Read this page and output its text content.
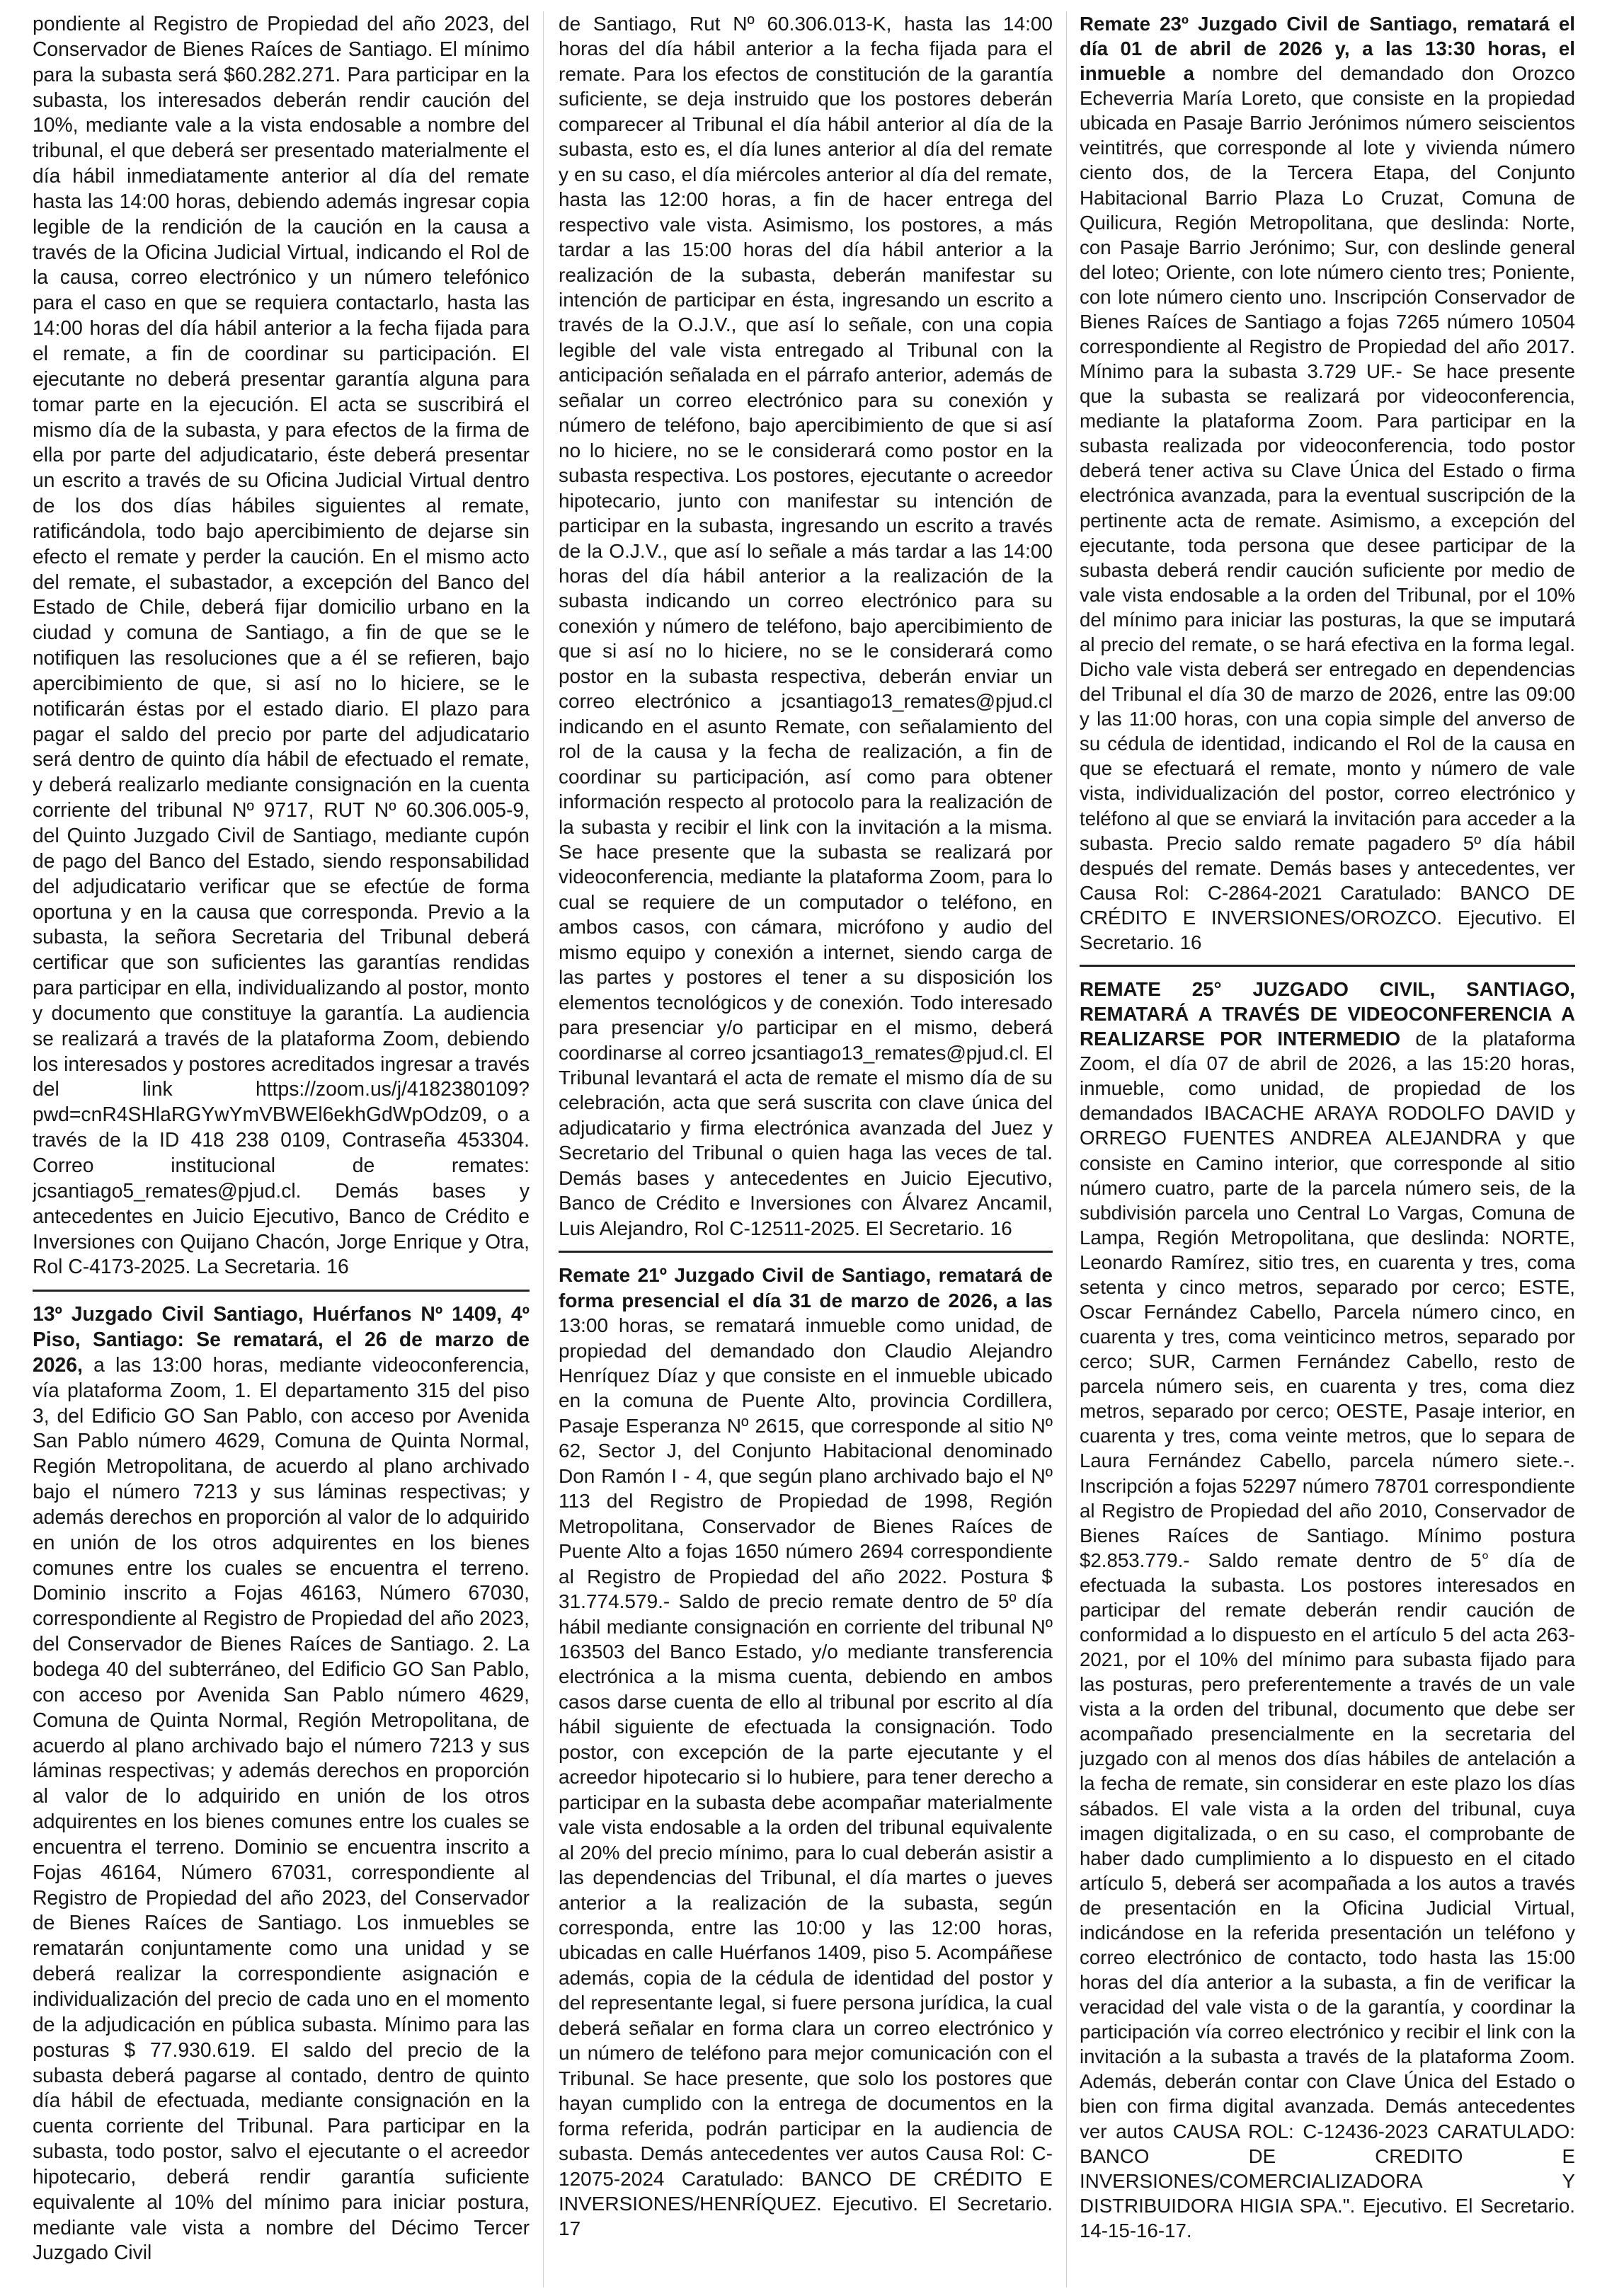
pondiente al Registro de Propiedad del año 2023, del Conservador de Bienes Raíces de Santiago. El mínimo para la subasta será $60.282.271. Para participar en la subasta, los interesados deberán rendir caución del 10%, mediante vale a la vista endosable a nombre del tribunal, el que deberá ser presentado materialmente el día hábil inmediatamente anterior al día del remate hasta las 14:00 horas, debiendo además ingresar copia legible de la rendición de la caución en la causa a través de la Oficina Judicial Virtual, indicando el Rol de la causa, correo electrónico y un número telefónico para el caso en que se requiera contactarlo, hasta las 14:00 horas del día hábil anterior a la fecha fijada para el remate, a fin de coordinar su participación. El ejecutante no deberá presentar garantía alguna para tomar parte en la ejecución. El acta se suscribirá el mismo día de la subasta, y para efectos de la firma de ella por parte del adjudicatario, éste deberá presentar un escrito a través de su Oficina Judicial Virtual dentro de los dos días hábiles siguientes al remate, ratificándola, todo bajo apercibimiento de dejarse sin efecto el remate y perder la caución. En el mismo acto del remate, el subastador, a excepción del Banco del Estado de Chile, deberá fijar domicilio urbano en la ciudad y comuna de Santiago, a fin de que se le notifiquen las resoluciones que a él se refieren, bajo apercibimiento de que, si así no lo hiciere, se le notificarán éstas por el estado diario. El plazo para pagar el saldo del precio por parte del adjudicatario será dentro de quinto día hábil de efectuado el remate, y deberá realizarlo mediante consignación en la cuenta corriente del tribunal Nº 9717, RUT Nº 60.306.005-9, del Quinto Juzgado Civil de Santiago, mediante cupón de pago del Banco del Estado, siendo responsabilidad del adjudicatario verificar que se efectúe de forma oportuna y en la causa que corresponda. Previo a la subasta, la señora Secretaria del Tribunal deberá certificar que son suficientes las garantías rendidas para participar en ella, individualizando al postor, monto y documento que constituye la garantía. La audiencia se realizará a través de la plataforma Zoom, debiendo los interesados y postores acreditados ingresar a través del link https://zoom.us/j/4182380109?pwd=cnR4SHlaRGYwYmVBWEl6ekhGdWpOdz09, o a través de la ID 418 238 0109, Contraseña 453304. Correo institucional de remates: jcsantiago5_remates@pjud.cl. Demás bases y antecedentes en Juicio Ejecutivo, Banco de Crédito e Inversiones con Quijano Chacón, Jorge Enrique y Otra, Rol C-4173-2025. La Secretaria. 16

13º Juzgado Civil Santiago, Huérfanos Nº 1409, 4º Piso, Santiago: Se rematará, el 26 de marzo de 2026, a las 13:00 horas, mediante videoconferencia, vía plataforma Zoom, 1. El departamento 315 del piso 3, del Edificio GO San Pablo, con acceso por Avenida San Pablo número 4629, Comuna de Quinta Normal, Región Metropolitana, de acuerdo al plano archivado bajo el número 7213 y sus láminas respectivas; y además derechos en proporción al valor de lo adquirido en unión de los otros adquirentes en los bienes comunes entre los cuales se encuentra el terreno. Dominio inscrito a Fojas 46163, Número 67030, correspondiente al Registro de Propiedad del año 2023, del Conservador de Bienes Raíces de Santiago. 2. La bodega 40 del subterráneo, del Edificio GO San Pablo, con acceso por Avenida San Pablo número 4629, Comuna de Quinta Normal, Región Metropolitana, de acuerdo al plano archivado bajo el número 7213 y sus láminas respectivas; y además derechos en proporción al valor de lo adquirido en unión de los otros adquirentes en los bienes comunes entre los cuales se encuentra el terreno. Dominio se encuentra inscrito a Fojas 46164, Número 67031, correspondiente al Registro de Propiedad del año 2023, del Conservador de Bienes Raíces de Santiago. Los inmuebles se rematarán conjuntamente como una unidad y se deberá realizar la correspondiente asignación e individualización del precio de cada uno en el momento de la adjudicación en pública subasta. Mínimo para las posturas $ 77.930.619. El saldo del precio de la subasta deberá pagarse al contado, dentro de quinto día hábil de efectuada, mediante consignación en la cuenta corriente del Tribunal. Para participar en la subasta, todo postor, salvo el ejecutante o el acreedor hipotecario, deberá rendir garantía suficiente equivalente al 10% del mínimo para iniciar postura, mediante vale vista a nombre del Décimo Tercer Juzgado Civil

de Santiago, Rut Nº 60.306.013-K, hasta las 14:00 horas del día hábil anterior a la fecha fijada para el remate. Para los efectos de constitución de la garantía suficiente, se deja instruido que los postores deberán comparecer al Tribunal el día hábil anterior al día de la subasta, esto es, el día lunes anterior al día del remate y en su caso, el día miércoles anterior al día del remate, hasta las 12:00 horas, a fin de hacer entrega del respectivo vale vista. Asimismo, los postores, a más tardar a las 15:00 horas del día hábil anterior a la realización de la subasta, deberán manifestar su intención de participar en ésta, ingresando un escrito a través de la O.J.V., que así lo señale, con una copia legible del vale vista entregado al Tribunal con la anticipación señalada en el párrafo anterior, además de señalar un correo electrónico para su conexión y número de teléfono, bajo apercibimiento de que si así no lo hiciere, no se le considerará como postor en la subasta respectiva. Los postores, ejecutante o acreedor hipotecario, junto con manifestar su intención de participar en la subasta, ingresando un escrito a través de la O.J.V., que así lo señale a más tardar a las 14:00 horas del día hábil anterior a la realización de la subasta indicando un correo electrónico para su conexión y número de teléfono, bajo apercibimiento de que si así no lo hiciere, no se le considerará como postor en la subasta respectiva, deberán enviar un correo electrónico a jcsantiago13_remates@pjud.cl indicando en el asunto Remate, con señalamiento del rol de la causa y la fecha de realización, a fin de coordinar su participación, así como para obtener información respecto al protocolo para la realización de la subasta y recibir el link con la invitación a la misma. Se hace presente que la subasta se realizará por videoconferencia, mediante la plataforma Zoom, para lo cual se requiere de un computador o teléfono, en ambos casos, con cámara, micrófono y audio del mismo equipo y conexión a internet, siendo carga de las partes y postores el tener a su disposición los elementos tecnológicos y de conexión. Todo interesado para presenciar y/o participar en el mismo, deberá coordinarse al correo jcsantiago13_remates@pjud.cl. El Tribunal levantará el acta de remate el mismo día de su celebración, acta que será suscrita con clave única del adjudicatario y firma electrónica avanzada del Juez y Secretario del Tribunal o quien haga las veces de tal. Demás bases y antecedentes en Juicio Ejecutivo, Banco de Crédito e Inversiones con Álvarez Ancamil, Luis Alejandro, Rol C-12511-2025. El Secretario. 16

Remate 21º Juzgado Civil de Santiago, rematará de forma presencial el día 31 de marzo de 2026, a las 13:00 horas, se rematará inmueble como unidad, de propiedad del demandado don Claudio Alejandro Henríquez Díaz y que consiste en el inmueble ubicado en la comuna de Puente Alto, provincia Cordillera, Pasaje Esperanza Nº 2615, que corresponde al sitio Nº 62, Sector J, del Conjunto Habitacional denominado Don Ramón I - 4, que según plano archivado bajo el Nº 113 del Registro de Propiedad de 1998, Región Metropolitana, Conservador de Bienes Raíces de Puente Alto a fojas 1650 número 2694 correspondiente al Registro de Propiedad del año 2022. Postura $ 31.774.579.- Saldo de precio remate dentro de 5º día hábil mediante consignación en corriente del tribunal Nº 163503 del Banco Estado, y/o mediante transferencia electrónica a la misma cuenta, debiendo en ambos casos darse cuenta de ello al tribunal por escrito al día hábil siguiente de efectuada la consignación. Todo postor, con excepción de la parte ejecutante y el acreedor hipotecario si lo hubiere, para tener derecho a participar en la subasta debe acompañar materialmente vale vista endosable a la orden del tribunal equivalente al 20% del precio mínimo, para lo cual deberán asistir a las dependencias del Tribunal, el día martes o jueves anterior a la realización de la subasta, según corresponda, entre las 10:00 y las 12:00 horas, ubicadas en calle Huérfanos 1409, piso 5. Acompáñese además, copia de la cédula de identidad del postor y del representante legal, si fuere persona jurídica, la cual deberá señalar en forma clara un correo electrónico y un número de teléfono para mejor comunicación con el Tribunal. Se hace presente, que solo los postores que hayan cumplido con la entrega de documentos en la forma referida, podrán participar en la audiencia de subasta. Demás antecedentes ver autos Causa Rol: C-12075-2024 Caratulado: BANCO DE CRÉDITO E INVERSIONES/HENRÍQUEZ. Ejecutivo. El Secretario. 17

Remate 23º Juzgado Civil de Santiago, rematará el día 01 de abril de 2026 y, a las 13:30 horas, el inmueble a nombre del demandado don Orozco Echeverria María Loreto, que consiste en la propiedad ubicada en Pasaje Barrio Jerónimos número seiscientos veintitrés, que corresponde al lote y vivienda número ciento dos, de la Tercera Etapa, del Conjunto Habitacional Barrio Plaza Lo Cruzat, Comuna de Quilicura, Región Metropolitana, que deslinda: Norte, con Pasaje Barrio Jerónimo; Sur, con deslinde general del loteo; Oriente, con lote número ciento tres; Poniente, con lote número ciento uno. Inscripción Conservador de Bienes Raíces de Santiago a fojas 7265 número 10504 correspondiente al Registro de Propiedad del año 2017. Mínimo para la subasta 3.729 UF.- Se hace presente que la subasta se realizará por videoconferencia, mediante la plataforma Zoom. Para participar en la subasta realizada por videoconferencia, todo postor deberá tener activa su Clave Única del Estado o firma electrónica avanzada, para la eventual suscripción de la pertinente acta de remate. Asimismo, a excepción del ejecutante, toda persona que desee participar de la subasta deberá rendir caución suficiente por medio de vale vista endosable a la orden del Tribunal, por el 10% del mínimo para iniciar las posturas, la que se imputará al precio del remate, o se hará efectiva en la forma legal. Dicho vale vista deberá ser entregado en dependencias del Tribunal el día 30 de marzo de 2026, entre las 09:00 y las 11:00 horas, con una copia simple del anverso de su cédula de identidad, indicando el Rol de la causa en que se efectuará el remate, monto y número de vale vista, individualización del postor, correo electrónico y teléfono al que se enviará la invitación para acceder a la subasta. Precio saldo remate pagadero 5º día hábil después del remate. Demás bases y antecedentes, ver Causa Rol: C-2864-2021 Caratulado: BANCO DE CRÉDITO E INVERSIONES/OROZCO. Ejecutivo. El Secretario. 16

REMATE 25° JUZGADO CIVIL, SANTIAGO, REMATARÁ A TRAVÉS DE VIDEOCONFERENCIA A REALIZARSE POR INTERMEDIO de la plataforma Zoom, el día 07 de abril de 2026, a las 15:20 horas, inmueble, como unidad, de propiedad de los demandados IBACACHE ARAYA RODOLFO DAVID y ORREGO FUENTES ANDREA ALEJANDRA y que consiste en Camino interior, que corresponde al sitio número cuatro, parte de la parcela número seis, de la subdivisión parcela uno Central Lo Vargas, Comuna de Lampa, Región Metropolitana, que deslinda: NORTE, Leonardo Ramírez, sitio tres, en cuarenta y tres, coma setenta y cinco metros, separado por cerco; ESTE, Oscar Fernández Cabello, Parcela número cinco, en cuarenta y tres, coma veinticinco metros, separado por cerco; SUR, Carmen Fernández Cabello, resto de parcela número seis, en cuarenta y tres, coma diez metros, separado por cerco; OESTE, Pasaje interior, en cuarenta y tres, coma veinte metros, que lo separa de Laura Fernández Cabello, parcela número siete.-. Inscripción a fojas 52297 número 78701 correspondiente al Registro de Propiedad del año 2010, Conservador de Bienes Raíces de Santiago. Mínimo postura $2.853.779.- Saldo remate dentro de 5° día de efectuada la subasta. Los postores interesados en participar del remate deberán rendir caución de conformidad a lo dispuesto en el artículo 5 del acta 263-2021, por el 10% del mínimo para subasta fijado para las posturas, pero preferentemente a través de un vale vista a la orden del tribunal, documento que debe ser acompañado presencialmente en la secretaria del juzgado con al menos dos días hábiles de antelación a la fecha de remate, sin considerar en este plazo los días sábados. El vale vista a la orden del tribunal, cuya imagen digitalizada, o en su caso, el comprobante de haber dado cumplimiento a lo dispuesto en el citado artículo 5, deberá ser acompañada a los autos a través de presentación en la Oficina Judicial Virtual, indicándose en la referida presentación un teléfono y correo electrónico de contacto, todo hasta las 15:00 horas del día anterior a la subasta, a fin de verificar la veracidad del vale vista o de la garantía, y coordinar la participación vía correo electrónico y recibir el link con la invitación a la subasta a través de la plataforma Zoom. Además, deberán contar con Clave Única del Estado o bien con firma digital avanzada. Demás antecedentes ver autos CAUSA ROL: C-12436-2023 CARATULADO: BANCO DE CREDITO E INVERSIONES/COMERCIALIZADORA Y DISTRIBUIDORA HIGIA SPA.". Ejecutivo. El Secretario. 14-15-16-17.
